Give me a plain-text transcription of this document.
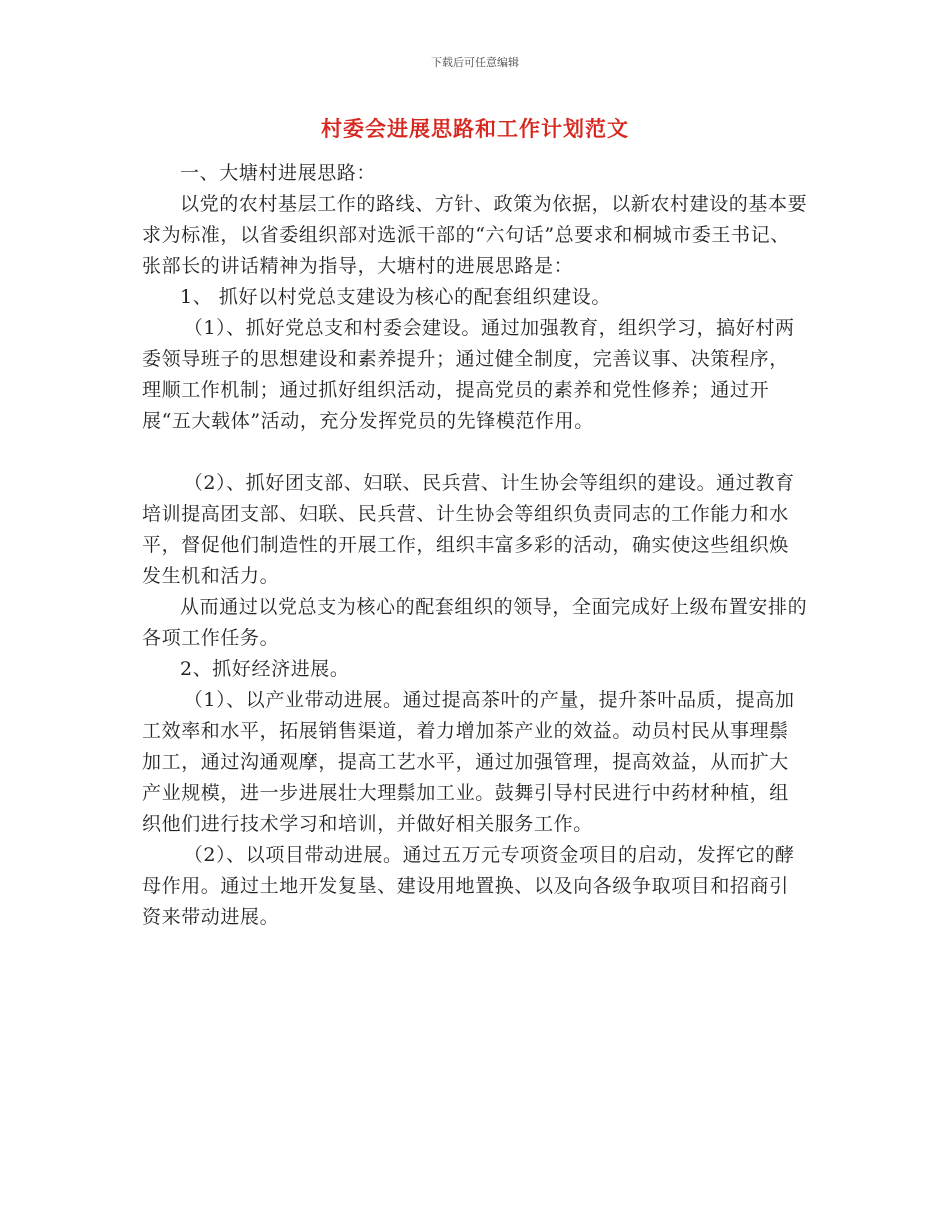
下载后可任意编辑
村委会进展思路和工作计划范文

一、大塘村进展思路：

以党的农村基层工作的路线、方针、政策为依据，以新农村建设的基本要求为标准，以省委组织部对选派干部的“六句话”总要求和桐城市委王书记、张部长的讲话精神为指导，大塘村的进展思路是：

1、 抓好以村党总支建设为核心的配套组织建设。

（1）、抓好党总支和村委会建设。通过加强教育，组织学习，搞好村两委领导班子的思想建设和素养提升；通过健全制度，完善议事、决策程序，理顺工作机制；通过抓好组织活动，提高党员的素养和党性修养；通过开展“五大载体”活动，充分发挥党员的先锋模范作用。

（2）、抓好团支部、妇联、民兵营、计生协会等组织的建设。通过教育培训提高团支部、妇联、民兵营、计生协会等组织负责同志的工作能力和水平，督促他们制造性的开展工作，组织丰富多彩的活动，确实使这些组织焕发生机和活力。

从而通过以党总支为核心的配套组织的领导，全面完成好上级布置安排的各项工作任务。

2、抓好经济进展。

（1）、以产业带动进展。通过提高茶叶的产量，提升茶叶品质，提高加工效率和水平，拓展销售渠道，着力增加茶产业的效益。动员村民从事理鬃加工，通过沟通观摩，提高工艺水平，通过加强管理，提高效益，从而扩大产业规模，进一步进展壮大理鬃加工业。鼓舞引导村民进行中药材种植，组织他们进行技术学习和培训，并做好相关服务工作。

（2）、以项目带动进展。通过五万元专项资金项目的启动，发挥它的酵母作用。通过土地开发复垦、建设用地置换、以及向各级争取项目和招商引资来带动进展。
